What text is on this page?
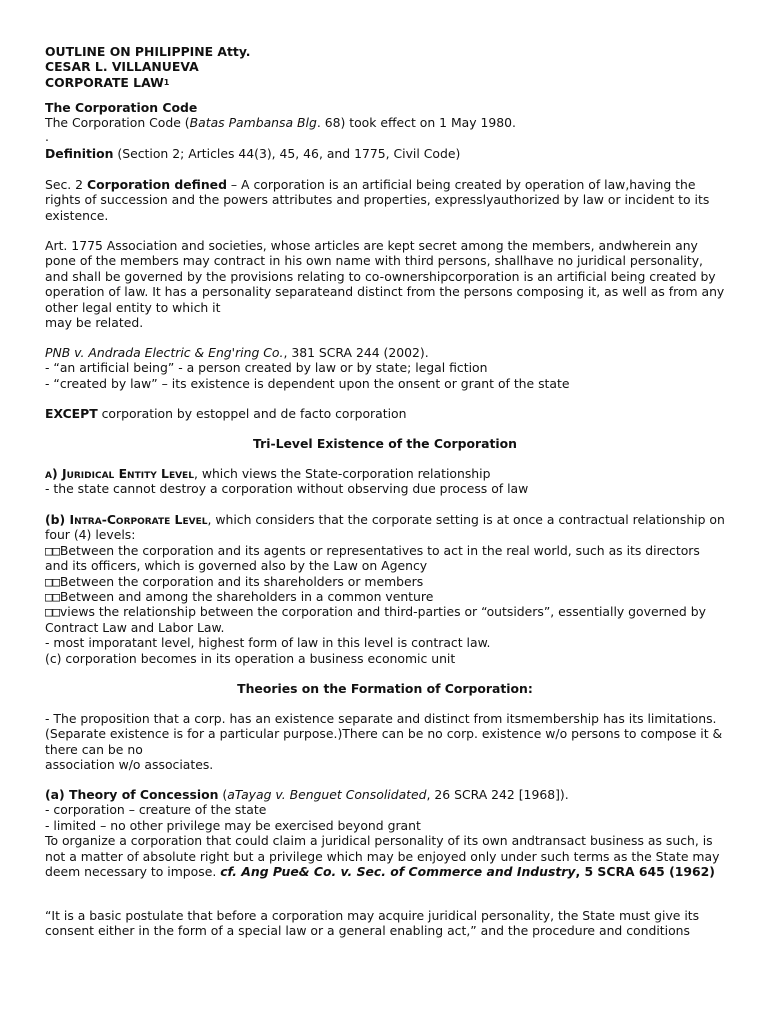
OUTLINE ON PHILIPPINE Atty.
CESAR L. VILLANUEVA
CORPORATE LAW$^1$
The Corporation Code
The Corporation Code (Batas Pambansa Blg. 68) took effect on 1 May 1980.
.
Definition (Section 2; Articles 44(3), 45, 46, and 1775, Civil Code)
Sec. 2 Corporation defined – A corporation is an artificial being created by operation of law,having the rights of succession and the powers attributes and properties, expresslyauthorized by law or incident to its existence.
Art. 1775 Association and societies, whose articles are kept secret among the members, andwherein any pone of the members may contract in his own name with third persons, shallhave no juridical personality, and shall be governed by the provisions relating to co-ownershipcorporation is an artificial being created by operation of law. It has a personality separateand distinct from the persons composing it, as well as from any other legal entity to which it
may be related.
PNB v. Andrada Electric & Eng'ring Co., 381 SCRA 244 (2002).
- “an artificial being” - a person created by law or by state; legal fiction
- “created by law” – its existence is dependent upon the onsent or grant of the state
EXCEPT corporation by estoppel and de facto corporation
Tri-Level Existence of the Corporation
a) Juridical Entity Level, which views the State-corporation relationship
- the state cannot destroy a corporation without observing due process of law
(b) Intra-Corporate Level, which considers that the corporate setting is at once a contractual relationship on four (4) levels:
□□Between the corporation and its agents or representatives to act in the real world, such as its directors and its officers, which is governed also by the Law on Agency
□□Between the corporation and its shareholders or members
□□Between and among the shareholders in a common venture
□□views the relationship between the corporation and third-parties or “outsiders”, essentially governed by Contract Law and Labor Law.
- most imporatant level, highest form of law in this level is contract law.
(c) corporation becomes in its operation a business economic unit
Theories on the Formation of Corporation:
- The proposition that a corp. has an existence separate and distinct from itsmembership has its limitations. (Separate existence is for a particular purpose.)There can be no corp. existence w/o persons to compose it & there can be no
association w/o associates.
(a) Theory of Concession (aTayag v. Benguet Consolidated, 26 SCRA 242 [1968]).
- corporation – creature of the state
- limited – no other privilege may be exercised beyond grant
To organize a corporation that could claim a juridical personality of its own andtransact business as such, is not a matter of absolute right but a privilege which may be enjoyed only under such terms as the State may deem necessary to impose. cf. Ang Pue& Co. v. Sec. of Commerce and Industry, 5 SCRA 645 (1962)
“It is a basic postulate that before a corporation may acquire juridical personality, the State must give its consent either in the form of a special law or a general enabling act,” and the procedure and conditions
